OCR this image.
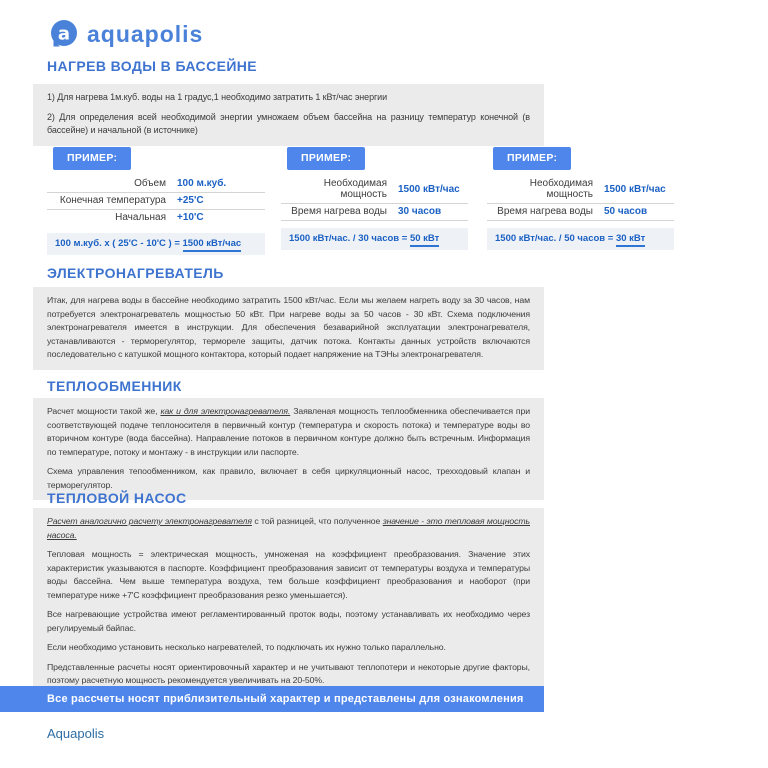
a aquapolis
НАГРЕВ ВОДЫ В БАССЕЙНЕ

1) Для нагрева 1м.куб. воды на 1 градус,1 необходимо затратить 1 кВт/час энергии

2) Для определения всей необходимой энергии умножаем объем бассейна на разницу температур конечной (в бассейне) и начальной (в источнике)

ПРИМЕР:
Объем	100 м.куб.
Конечная температура	+25'С
Начальная	+10'С
100 м.куб. х ( 25'С - 10'С ) = 1500 кВт/час
ПРИМЕР:
Необходимая мощность	1500 кВт/час
Время нагрева воды	30 часов
1500 кВт/час. / 30 часов = 50 кВт
ПРИМЕР:
Необходимая мощность	1500 кВт/час
Время нагрева воды	50 часов
1500 кВт/час. / 50 часов = 30 кВт
ЭЛЕКТРОНАГРЕВАТЕЛЬ

Итак, для нагрева воды в бассейне необходимо затратить 1500 кВт/час. Если мы желаем нагреть воду за 30 часов, нам потребуется электронагреватель мощностью 50 кВт. При нагреве воды за 50 часов - 30 кВт. Схема подключения электронагревателя имеется в инструкции. Для обеспечения безаварийной эксплуатации электронагревателя, устанавливаются - терморегулятор, термореле защиты, датчик потока. Контакты данных устройств включаются последовательно с катушкой мощного контактора, который подает напряжение на ТЭНы электронагревателя.

ТЕПЛООБМЕННИК

Расчет мощности такой же, как и для электронагревателя. Заявленая мощность теплообменника обеспечивается при соответствующей подаче теплоносителя в первичный контур (температура и скорость потока) и температуре воды во вторичном контуре (вода бассейна). Направление потоков в первичном контуре должно быть встречным. Информация по температуре, потоку и монтажу - в инструкции или паспорте.

Схема управления тепообменником, как правило, включает в себя циркуляционный насос, трехходовый клапан и терморегулятор.

ТЕПЛОВОЙ НАСОС

Расчет аналогично расчету электронагревателя с той разницей, что полученное значение - это тепловая мощность насоса.

Тепловая мощность = электрическая мощность, умноженая на коэффициент преобразования. Значение этих характеристик указываются в паспорте. Коэффициент преобразования зависит от температуры воздуха и температуры воды бассейна. Чем выше температура воздуха, тем больше коэффициент преобразования и наоборот (при температуре ниже +7'С коэффициент преобразования резко уменьшается).

Все нагревающие устройства имеют регламентированный проток воды, поэтому устанавливать их необходимо через регулируемый байпас.

Если необходимо установить несколько нагревателей, то подключать их нужно только параллельно.

Представленные расчеты носят ориентировочный характер и не учитывают теплопотери и некоторые другие факторы, поэтому расчетную мощность рекомендуется увеличивать на 20-50%.

Все рассчеты носят приблизительный характер и представлены для ознакомления
Aquapolis
